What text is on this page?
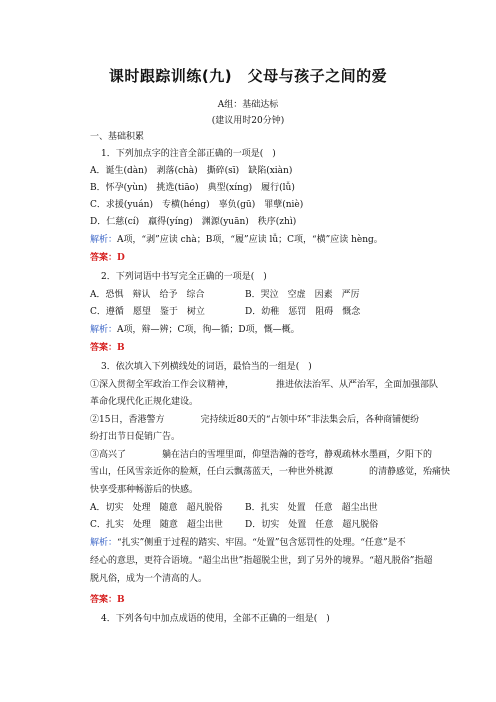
课时跟踪训练(九)　父母与孩子之间的爱
A组：基础达标
(建议用时20分钟)
一、基础积累
1．下列加点字的注音全部正确的一项是(　)
A．诞生(dàn)　剥落(chà)　撕碎(sī)　缺陷(xiàn)
B．怀孕(yùn)　挑选(tiāo)　典型(xíng)　履行(lǚ)
C．求援(yuán)　专横(héng)　辜负(gū)　罪孽(niè)
D．仁慈(cí)　羸得(yíng)　渊源(yuān)　秩序(zhì)
解析：A项，“剥”应读 chà；B项，“履”应读 lǚ；C项，“横”应读 hèng。
答案：D
2．下列词语中书写完全正确的一项是(　)
A．恐惧　辩认　给予　综合	B．哭泣　空虚　因素　严厉
C．遵循　愿望　鉴于　树立	D．幼稚　惩罚　阻碍　慨念
解析：A项，辩—辨；C项，徇—循；D项，慨—概。
答案：B
3．依次填入下列横线处的词语，最恰当的一组是(　)
①深入贯彻全军政治工作会议精神，	推进依法治军、从严治军，全面加强部队
革命化现代化正规化建设。
②15日，香港警方	完持续近80天的“占领中环”非法集会后，各种商铺便纷
纷打出节日促销广告。
③高兴了	躺在洁白的雪埋里面，仰望浩瀚的苍穹，静观疏林水墨画，夕阳下的
雪山，任风雪亲近你的脸颊，任白云飘荡蓝天，一种世外桃源	的清静感觉，殆痛快
快享受那种畅游后的快感。
A．切实　处理　随意　超凡脱俗 B．扎实　处置　任意　超尘出世
C．扎实　处理　随意　超尘出世 D．切实　处置　任意　超凡脱俗
解析：“扎实”侧重于过程的踏实、牢固。“处置”包含惩罚性的处理。“任意”是不
经心的意思，更符合语境。“超尘出世”指超脱尘世，到了另外的境界。“超凡脱俗”指超
脱凡俗，成为一个清高的人。
答案：B
4．下列各句中加点成语的使用，全部不正确的一组是(　)
